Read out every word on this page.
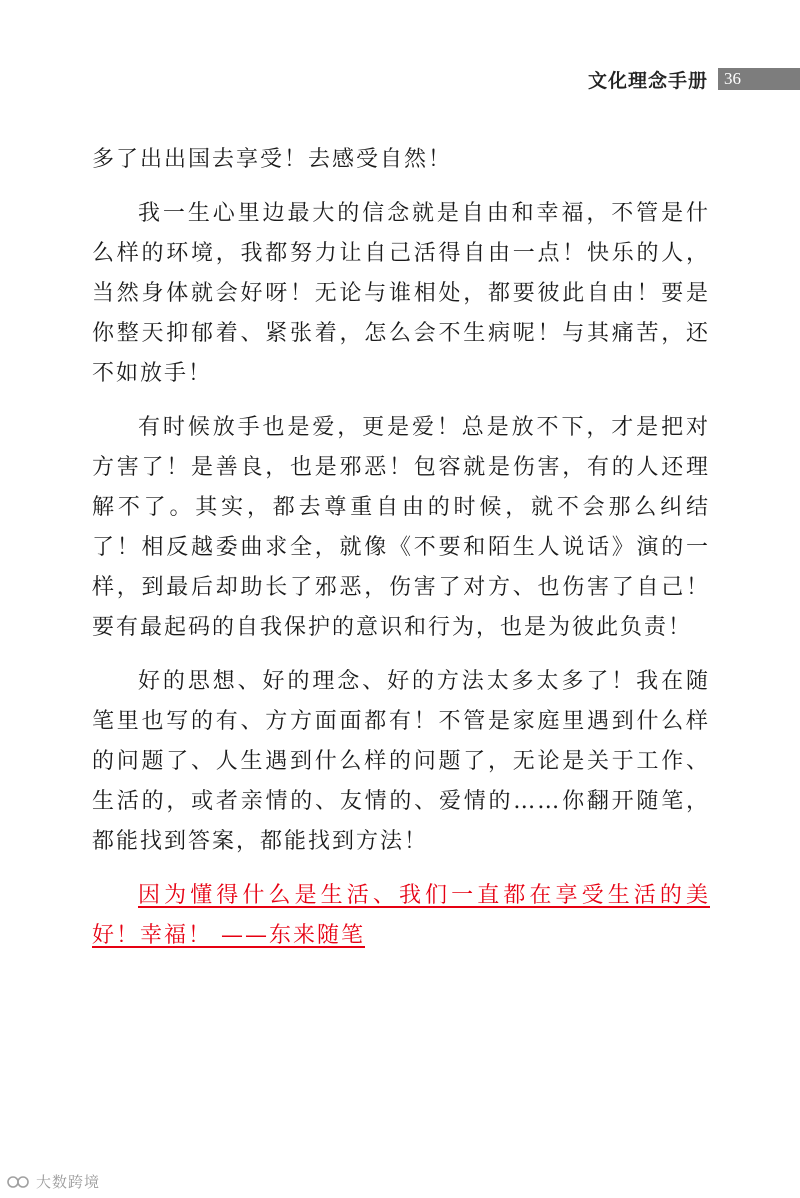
文化理念手册 36

多了出出国去享受！去感受自然！

我一生心里边最大的信念就是自由和幸福，不管是什么样的环境，我都努力让自己活得自由一点！快乐的人，当然身体就会好呀！无论与谁相处，都要彼此自由！要是你整天抑郁着、紧张着，怎么会不生病呢！与其痛苦，还不如放手！

有时候放手也是爱，更是爱！总是放不下，才是把对方害了！是善良，也是邪恶！包容就是伤害，有的人还理解不了。其实，都去尊重自由的时候，就不会那么纠结了！相反越委曲求全，就像《不要和陌生人说话》演的一样，到最后却助长了邪恶，伤害了对方、也伤害了自己！要有最起码的自我保护的意识和行为，也是为彼此负责！

好的思想、好的理念、好的方法太多太多了！我在随笔里也写的有、方方面面都有！不管是家庭里遇到什么样的问题了、人生遇到什么样的问题了，无论是关于工作、生活的，或者亲情的、友情的、爱情的……你翻开随笔，都能找到答案，都能找到方法！

因为懂得什么是生活、我们一直都在享受生活的美好！幸福！ ——东来随笔

大数跨境
